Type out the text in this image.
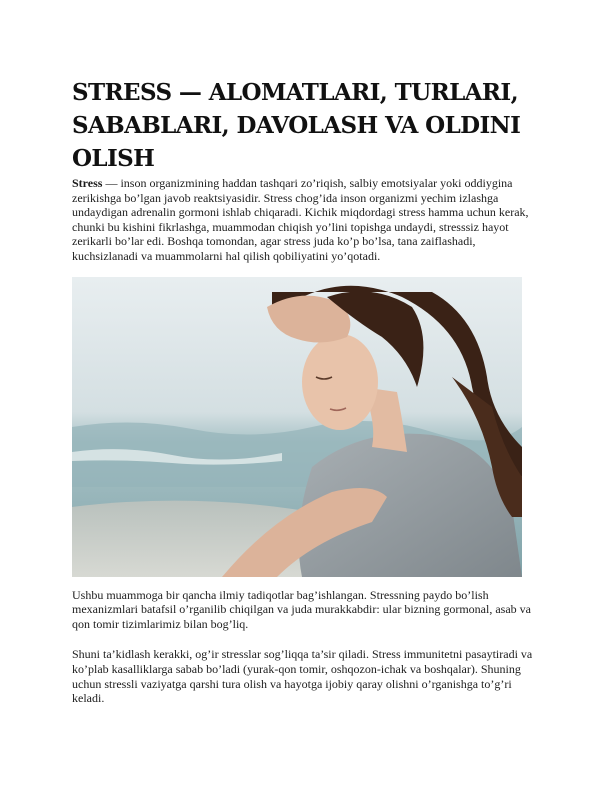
STRESS — ALOMATLARI, TURLARI, SABABLARI, DAVOLASH VA OLDINI OLISH

Stress — inson organizmining haddan tashqari zo’riqish, salbiy emotsiyalar yoki oddiygina zerikishga bo’lgan javob reaktsiyasidir. Stress chog’ida inson organizmi yechim izlashga undaydigan adrenalin gormoni ishlab chiqaradi. Kichik miqdordagi stress hamma uchun kerak, chunki bu kishini fikrlashga, muammodan chiqish yo’lini topishga undaydi, stresssiz hayot zerikarli bo’lar edi. Boshqa tomondan, agar stress juda ko’p bo’lsa, tana zaiflashadi, kuchsizlanadi va muammolarni hal qilish qobiliyatini yo’qotadi.

Ushbu muammoga bir qancha ilmiy tadiqotlar bag’ishlangan. Stressning paydo bo’lish mexanizmlari batafsil o’rganilib chiqilgan va juda murakkabdir: ular bizning gormonal, asab va qon tomir tizimlarimiz bilan bog’liq.

Shuni ta’kidlash kerakki, og’ir stresslar sog’liqqa ta’sir qiladi. Stress immunitetni pasaytiradi va ko’plab kasalliklarga sabab bo’ladi (yurak-qon tomir, oshqozon-ichak va boshqalar). Shuning uchun stressli vaziyatga qarshi tura olish va hayotga ijobiy qaray olishni o’rganishga to’g’ri keladi.
